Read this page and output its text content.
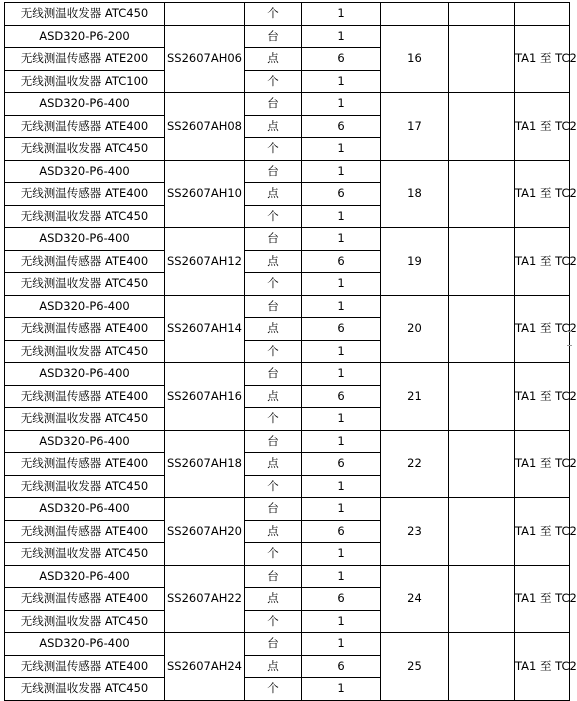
无线测温收发器 ATC450		个	1			
ASD320-P6-200	SS2607AH06	台	1	16		TA1 至 TC2
无线测温传感器 ATE200		点	6			
无线测温收发器 ATC100		个	1			
ASD320-P6-400	SS2607AH08	台	1	17		TA1 至 TC2
无线测温传感器 ATE400		点	6			
无线测温收发器 ATC450		个	1			
ASD320-P6-400	SS2607AH10	台	1	18		TA1 至 TC2
无线测温传感器 ATE400		点	6			
无线测温收发器 ATC450		个	1			
ASD320-P6-400	SS2607AH12	台	1	19		TA1 至 TC2
无线测温传感器 ATE400		点	6			
无线测温收发器 ATC450		个	1			
ASD320-P6-400	SS2607AH14	台	1	20		TA1 至 TC2
无线测温传感器 ATE400		点	6			
无线测温收发器 ATC450		个	1			
ASD320-P6-400	SS2607AH16	台	1	21		TA1 至 TC2
无线测温传感器 ATE400		点	6			
无线测温收发器 ATC450		个	1			
ASD320-P6-400	SS2607AH18	台	1	22		TA1 至 TC2
无线测温传感器 ATE400		点	6			
无线测温收发器 ATC450		个	1			
ASD320-P6-400	SS2607AH20	台	1	23		TA1 至 TC2
无线测温传感器 ATE400		点	6			
无线测温收发器 ATC450		个	1			
ASD320-P6-400	SS2607AH22	台	1	24		TA1 至 TC2
无线测温传感器 ATE400		点	6			
无线测温收发器 ATC450		个	1			
ASD320-P6-400	SS2607AH24	台	1	25		TA1 至 TC2
无线测温传感器 ATE400		点	6			
无线测温收发器 ATC450		个	1			
